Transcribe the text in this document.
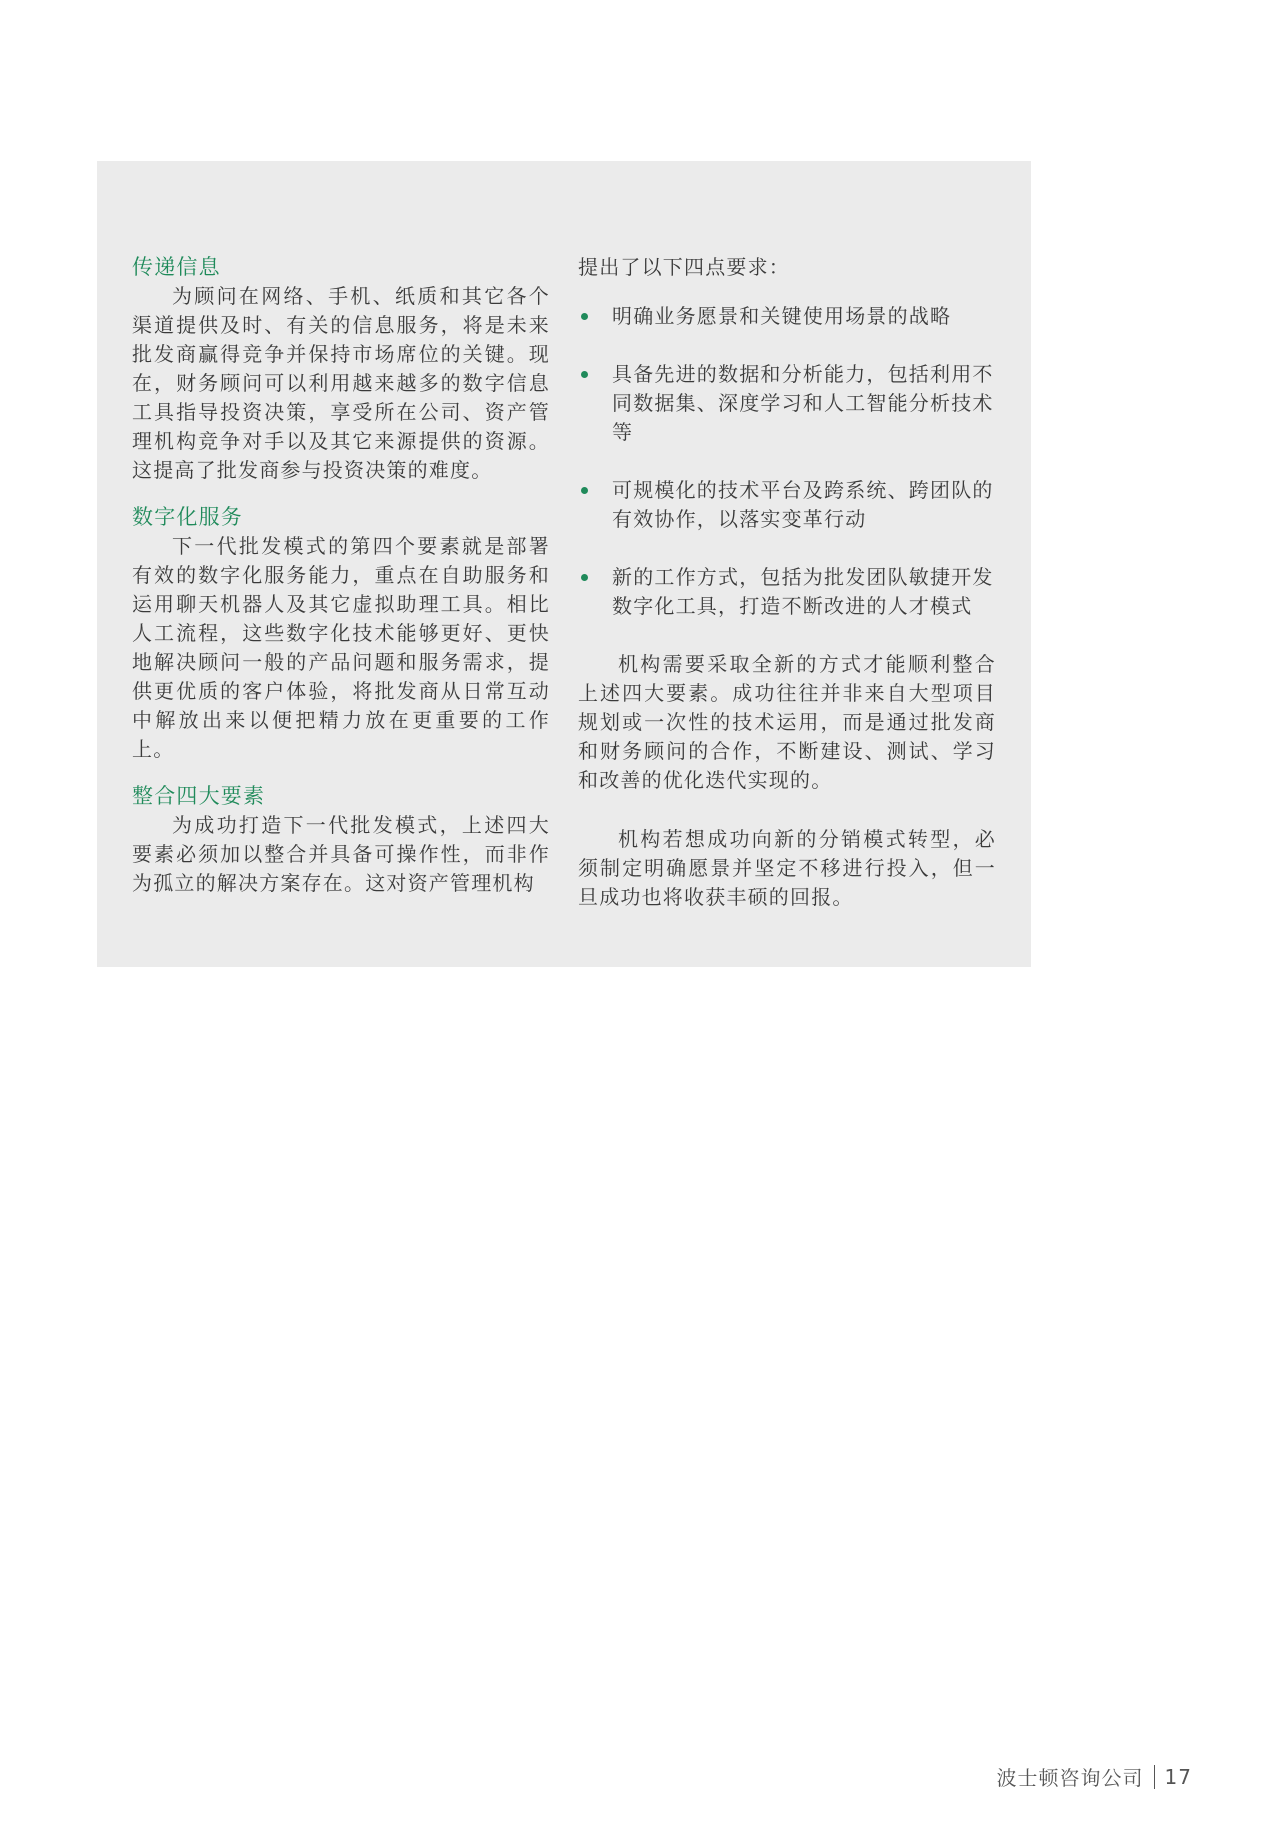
传递信息

为顾问在网络、手机、纸质和其它各个渠道提供及时、有关的信息服务，将是未来批发商赢得竞争并保持市场席位的关键。现在，财务顾问可以利用越来越多的数字信息工具指导投资决策，享受所在公司、资产管理机构竞争对手以及其它来源提供的资源。这提高了批发商参与投资决策的难度。

数字化服务

下一代批发模式的第四个要素就是部署有效的数字化服务能力，重点在自助服务和运用聊天机器人及其它虚拟助理工具。相比人工流程，这些数字化技术能够更好、更快地解决顾问一般的产品问题和服务需求，提供更优质的客户体验，将批发商从日常互动中解放出来以便把精力放在更重要的工作上。

整合四大要素

为成功打造下一代批发模式，上述四大要素必须加以整合并具备可操作性，而非作为孤立的解决方案存在。这对资产管理机构

提出了以下四点要求：

明确业务愿景和关键使用场景的战略
具备先进的数据和分析能力，包括利用不同数据集、深度学习和人工智能分析技术等
可规模化的技术平台及跨系统、跨团队的有效协作，以落实变革行动
新的工作方式，包括为批发团队敏捷开发数字化工具，打造不断改进的人才模式

机构需要采取全新的方式才能顺利整合上述四大要素。成功往往并非来自大型项目规划或一次性的技术运用，而是通过批发商和财务顾问的合作，不断建设、测试、学习和改善的优化迭代实现的。

机构若想成功向新的分销模式转型，必须制定明确愿景并坚定不移进行投入，但一旦成功也将收获丰硕的回报。

波士顿咨询公司 17
